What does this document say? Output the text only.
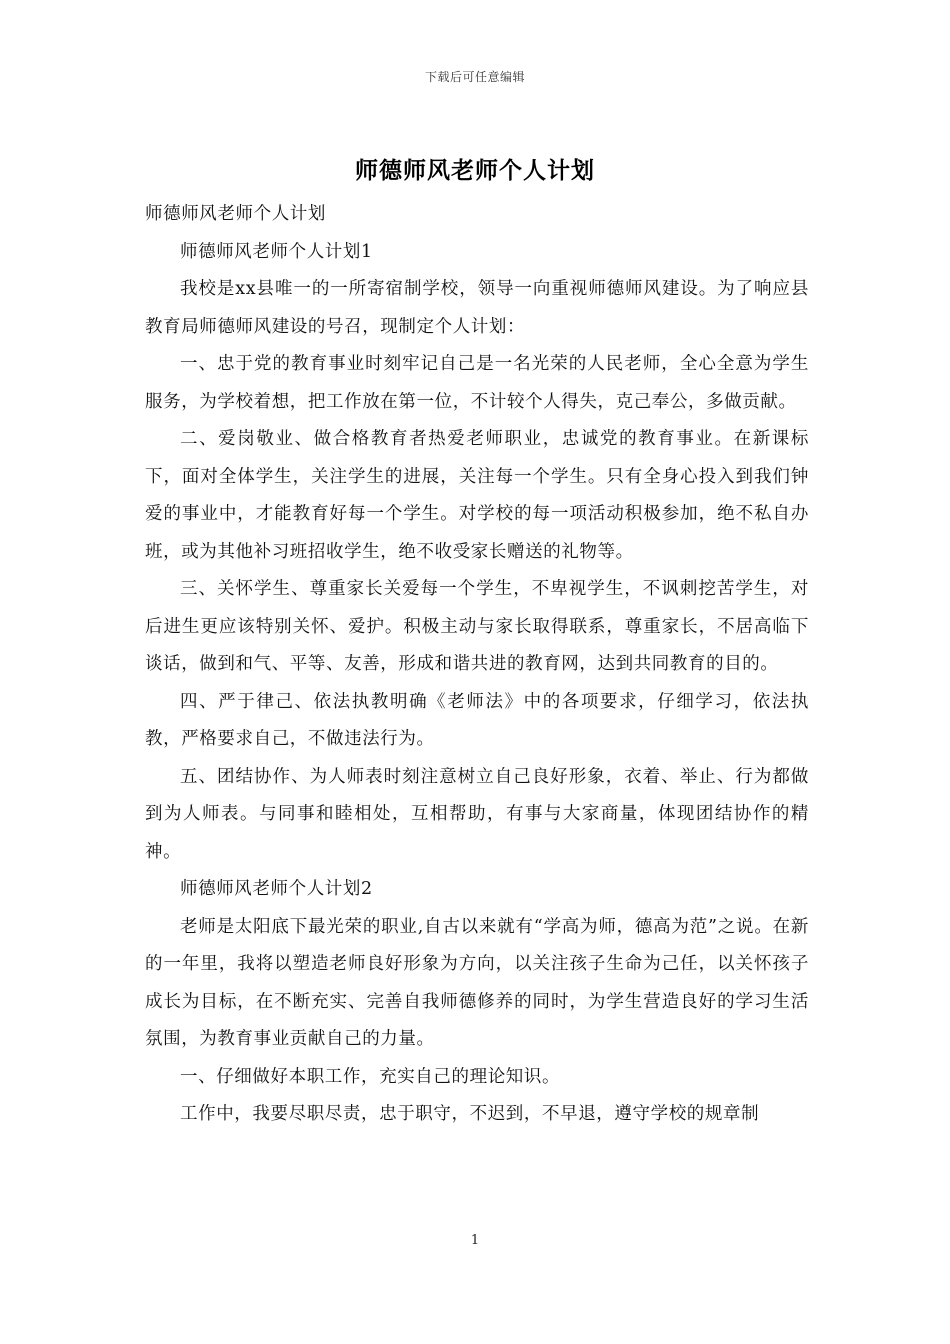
下载后可任意编辑
师德师风老师个人计划

师德师风老师个人计划

师德师风老师个人计划1

我校是xx县唯一的一所寄宿制学校，领导一向重视师德师风建设。为了响应县教育局师德师风建设的号召，现制定个人计划：

一、忠于党的教育事业时刻牢记自己是一名光荣的人民老师，全心全意为学生服务，为学校着想，把工作放在第一位，不计较个人得失，克己奉公，多做贡献。

二、爱岗敬业、做合格教育者热爱老师职业，忠诚党的教育事业。在新课标下，面对全体学生，关注学生的进展，关注每一个学生。只有全身心投入到我们钟爱的事业中，才能教育好每一个学生。对学校的每一项活动积极参加，绝不私自办班，或为其他补习班招收学生，绝不收受家长赠送的礼物等。

三、关怀学生、尊重家长关爱每一个学生，不卑视学生，不讽刺挖苦学生，对后进生更应该特别关怀、爱护。积极主动与家长取得联系，尊重家长，不居高临下谈话，做到和气、平等、友善，形成和谐共进的教育网，达到共同教育的目的。

四、严于律己、依法执教明确《老师法》中的各项要求，仔细学习，依法执教，严格要求自己，不做违法行为。

五、团结协作、为人师表时刻注意树立自己良好形象，衣着、举止、行为都做到为人师表。与同事和睦相处，互相帮助，有事与大家商量，体现团结协作的精神。

师德师风老师个人计划2

老师是太阳底下最光荣的职业,自古以来就有“学高为师，德高为范”之说。在新的一年里，我将以塑造老师良好形象为方向，以关注孩子生命为己任，以关怀孩子成长为目标，在不断充实、完善自我师德修养的同时，为学生营造良好的学习生活氛围，为教育事业贡献自己的力量。

一、仔细做好本职工作，充实自己的理论知识。

工作中，我要尽职尽责，忠于职守，不迟到，不早退，遵守学校的规章制

1
